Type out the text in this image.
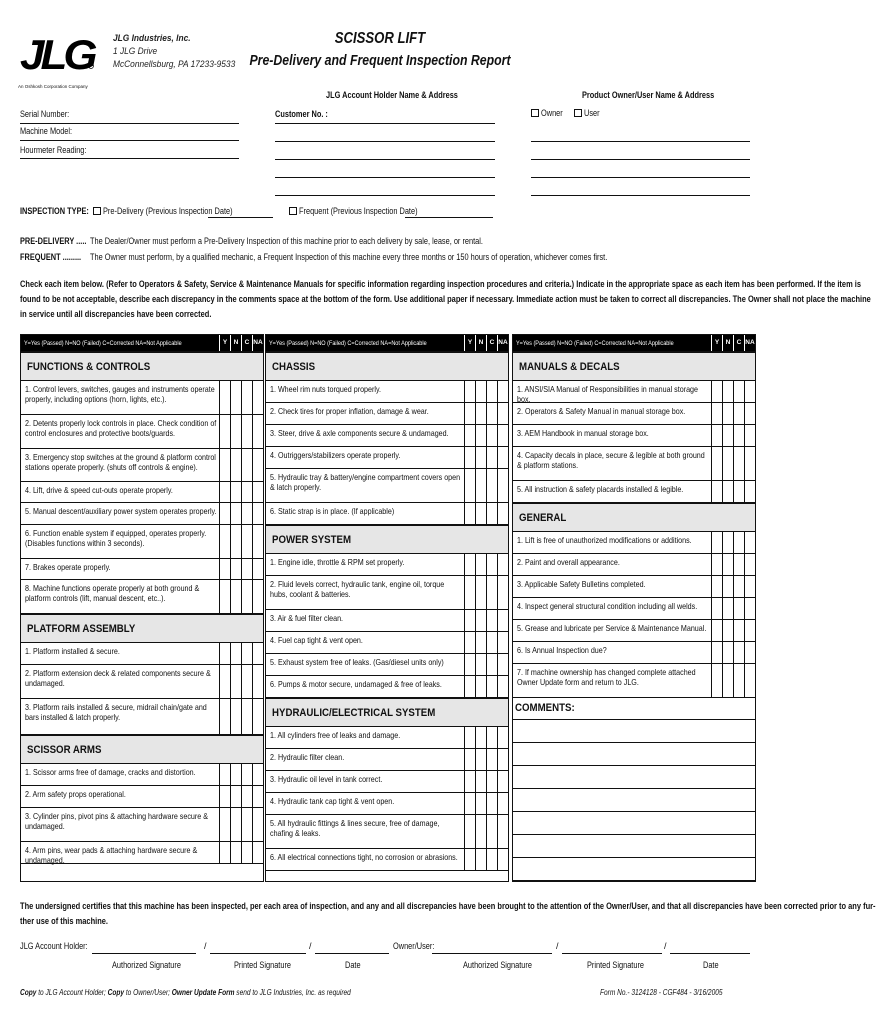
JLG
An Oshkosh Corporation Company
JLG Industries, Inc.
1 JLG Drive
McConnellsburg, PA 17233-9533
SCISSOR LIFT
Pre-Delivery and Frequent Inspection Report
Serial Number:
Machine Model:
Hourmeter Reading:
JLG Account Holder Name & Address
Customer No. :
Product Owner/User Name & Address
Owner User
INSPECTION TYPE: Pre-Delivery (Previous Inspection Date)	Frequent (Previous Inspection Date)
PRE-DELIVERY ..... The Dealer/Owner must perform a Pre-Delivery Inspection of this machine prior to each delivery by sale, lease, or rental.
FREQUENT ......... The Owner must perform, by a qualified mechanic, a Frequent Inspection of this machine every three months or 150 hours of operation, whichever comes first.
Check each item below. (Refer to Operators & Safety, Service & Maintenance Manuals for specific information regarding inspection procedures and criteria.) Indicate in the appropriate space as each item has been performed. If the item is
found to be not acceptable, describe each discrepancy in the comments space at the bottom of the form. Use additional paper if necessary. Immediate action must be taken to correct all discrepancies. The Owner shall not place the machine
in service until all discrepancies have been corrected.
Y=Yes (Passed) N=NO (Failed) C=Corrected NA=Not Applicable	Y N C NA
FUNCTIONS & CONTROLS
1. Control levers, switches, gauges and instruments operate properly, including options (horn, lights, etc.).
2. Detents properly lock controls in place. Check condition of control enclosures and protective boots/guards.
3. Emergency stop switches at the ground & platform control stations operate properly. (shuts off controls & engine).
4. Lift, drive & speed cut-outs operate properly.
5. Manual descent/auxiliary power system operates properly.
6. Function enable system if equipped, operates properly. (Disables functions within 3 seconds).
7. Brakes operate properly.
8. Machine functions operate properly at both ground & platform controls (lift, manual descent, etc..).
PLATFORM ASSEMBLY
1. Platform installed & secure.
2. Platform extension deck & related components secure & undamaged.
3. Platform rails installed & secure, midrail chain/gate and bars installed & latch properly.
SCISSOR ARMS
1. Scissor arms free of damage, cracks and distortion.
2. Arm safety props operational.
3. Cylinder pins, pivot pins & attaching hardware secure & undamaged.
4. Arm pins, wear pads & attaching hardware secure & undamaged.
Y=Yes (Passed) N=NO (Failed) C=Corrected NA=Not Applicable	Y N C NA
CHASSIS
1. Wheel rim nuts torqued properly.
2. Check tires for proper inflation, damage & wear.
3. Steer, drive & axle components secure & undamaged.
4. Outriggers/stabilizers operate properly.
5. Hydraulic tray & battery/engine compartment covers open & latch properly.
6. Static strap is in place. (If applicable)
POWER SYSTEM
1. Engine idle, throttle & RPM set properly.
2. Fluid levels correct, hydraulic tank, engine oil, torque hubs, coolant & batteries.
3. Air & fuel filter clean.
4. Fuel cap tight & vent open.
5. Exhaust system free of leaks. (Gas/diesel units only)
6. Pumps & motor secure, undamaged & free of leaks.
HYDRAULIC/ELECTRICAL SYSTEM
1. All cylinders free of leaks and damage.
2. Hydraulic filter clean.
3. Hydraulic oil level in tank correct.
4. Hydraulic tank cap tight & vent open.
5. All hydraulic fittings & lines secure, free of damage, chafing & leaks.
6. All electrical connections tight, no corrosion or abrasions.
Y=Yes (Passed) N=NO (Failed) C=Corrected NA=Not Applicable	Y N C NA
MANUALS & DECALS
1. ANSI/SIA Manual of Responsibilities in manual storage box.
2. Operators & Safety Manual in manual storage box.
3. AEM Handbook in manual storage box.
4. Capacity decals in place, secure & legible at both ground & platform stations.
5. All instruction & safety placards installed & legible.
GENERAL
1. Lift is free of unauthorized modifications or additions.
2. Paint and overall appearance.
3. Applicable Safety Bulletins completed.
4. Inspect general structural condition including all welds.
5. Grease and lubricate per Service & Maintenance Manual.
6. Is Annual Inspection due?
7. If machine ownership has changed complete attached Owner Update form and return to JLG.
COMMENTS:
The undersigned certifies that this machine has been inspected, per each area of inspection, and any and all discrepancies have been brought to the attention of the Owner/User, and that all discrepancies have been corrected prior to any fur-
ther use of this machine.
JLG Account Holder:	/	/	Owner/User:	/	/
Authorized Signature	Printed Signature	Date	Authorized Signature	Printed Signature	Date
Copy to JLG Account Holder; Copy to Owner/User; Owner Update Form send to JLG Industries, Inc. as required	Form No.- 3124128 - CGF484 - 3/16/2005
